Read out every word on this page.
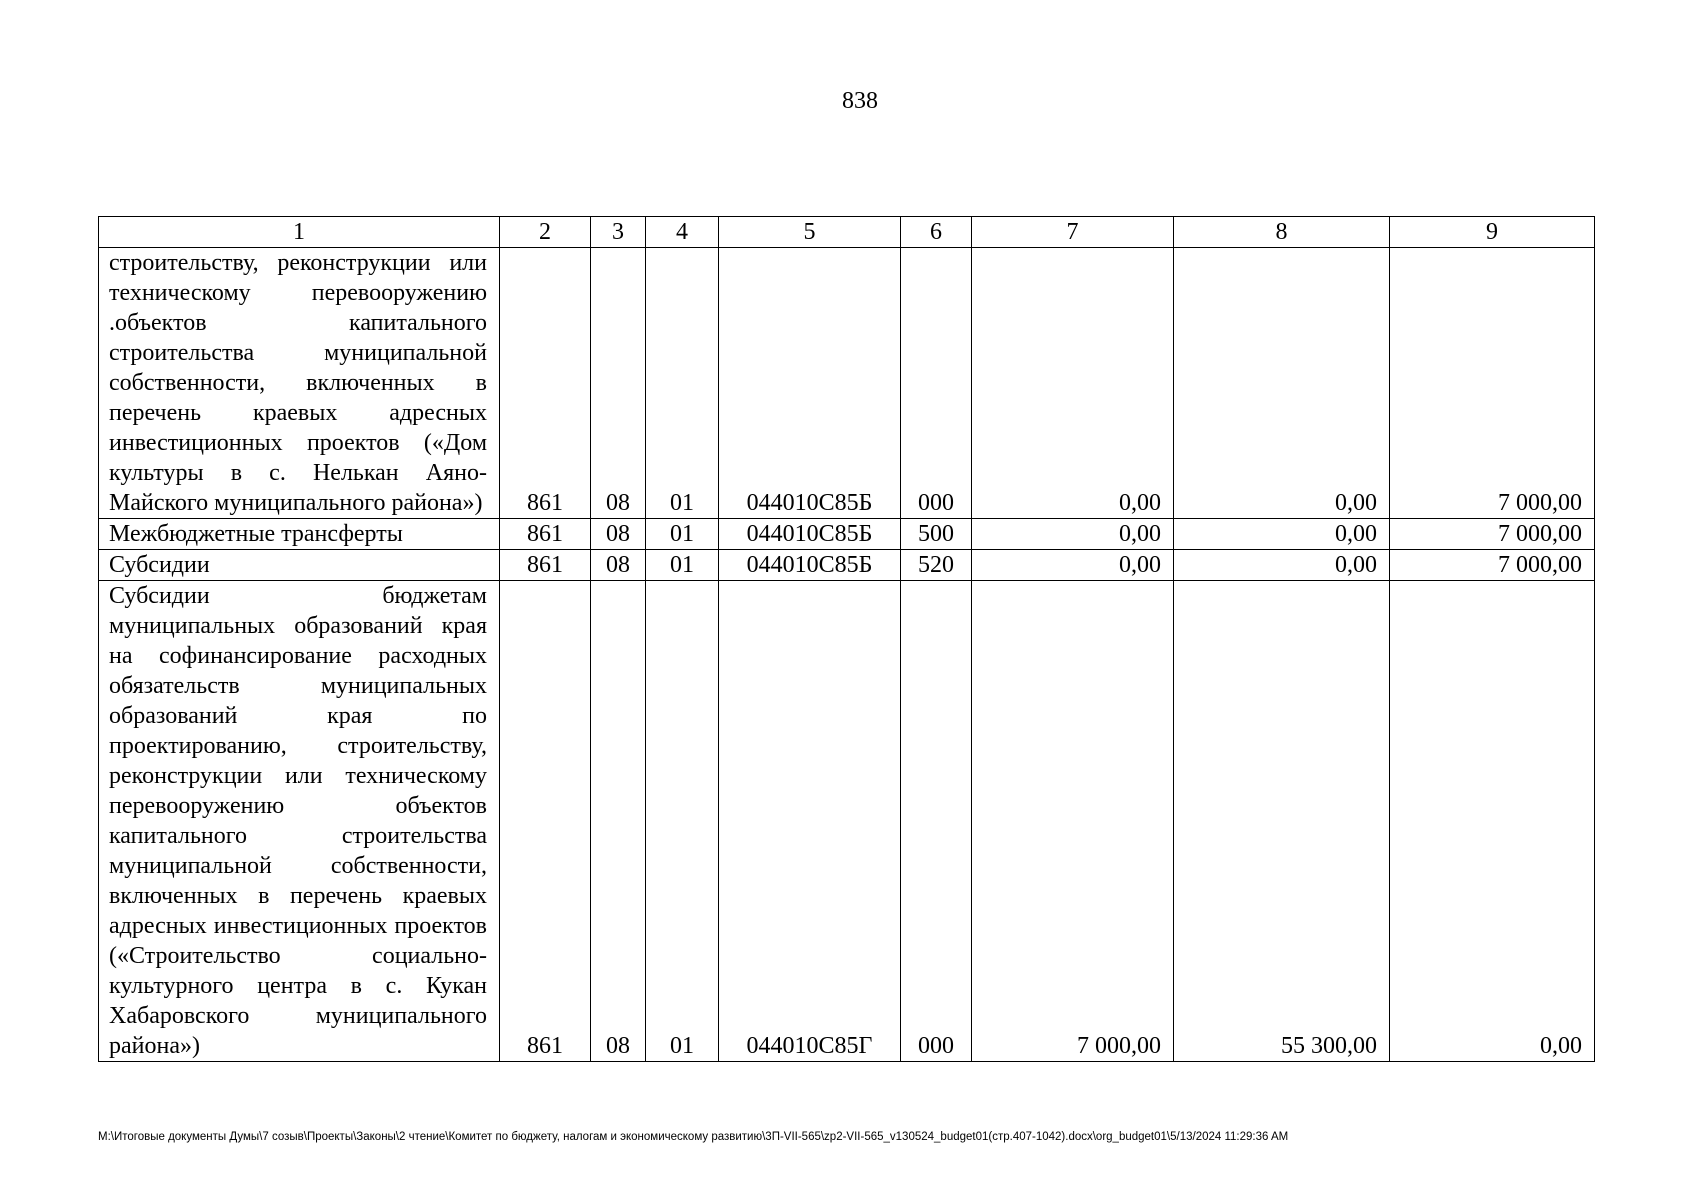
838
1	2	3	4	5	6	7	8	9
строительству, реконструкции или техническому перевооружению .объектов капитального строительства муниципальной собственности, включенных в перечень краевых адресных инвестиционных проектов («Дом культуры в с. Нелькан Аяно-Майского муниципального района»)	861	08	01	044010С85Б	000	0,00	0,00	7 000,00
Межбюджетные трансферты	861	08	01	044010С85Б	500	0,00	0,00	7 000,00
Субсидии	861	08	01	044010С85Б	520	0,00	0,00	7 000,00
Субсидии бюджетам муниципальных образований края на софинансирование расходных обязательств муниципальных образований края по проектированию, строительству, реконструкции или техническому перевооружению объектов капитального строительства муниципальной собственности, включенных в перечень краевых адресных инвестиционных проектов («Строительство социально-культурного центра в с. Кукан Хабаровского муниципального района»)	861	08	01	044010С85Г	000	7 000,00	55 300,00	0,00
M:\Итоговые документы Думы\7 созыв\Проекты\Законы\2 чтение\Комитет по бюджету, налогам и экономическому развитию\3П-VII-565\zp2-VII-565_v130524_budget01(стр.407-1042).docx\org_budget01\5/13/2024 11:29:36 AM
